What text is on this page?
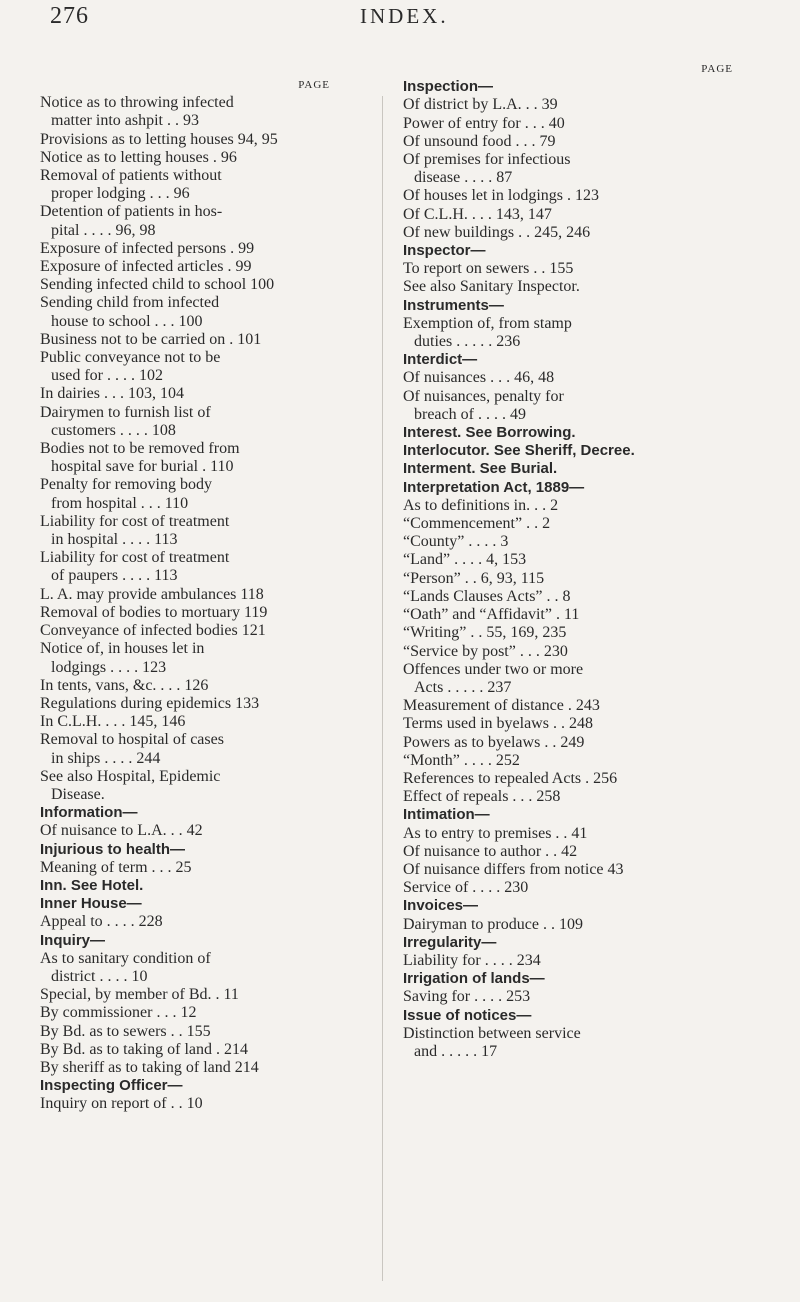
276	INDEX.
PAGE
Notice as to throwing infected
matter into ashpit . . 93
Provisions as to letting houses 94, 95
Notice as to letting houses . 96
Removal of patients without
proper lodging . . . 96
Detention of patients in hos-
pital . . . . 96, 98
Exposure of infected persons . 99
Exposure of infected articles . 99
Sending infected child to school 100
Sending child from infected
house to school . . . 100
Business not to be carried on . 101
Public conveyance not to be
used for . . . . 102
In dairies . . . 103, 104
Dairymen to furnish list of
customers . . . . 108
Bodies not to be removed from
hospital save for burial . 110
Penalty for removing body
from hospital . . . 110
Liability for cost of treatment
in hospital . . . . 113
Liability for cost of treatment
of paupers . . . . 113
L. A. may provide ambulances 118
Removal of bodies to mortuary 119
Conveyance of infected bodies 121
Notice of, in houses let in
lodgings . . . . 123
In tents, vans, &c. . . . 126
Regulations during epidemics 133
In C.L.H. . . . 145, 146
Removal to hospital of cases
in ships . . . . 244
See also Hospital, Epidemic
Disease.
Information—
Of nuisance to L.A. . . 42
Injurious to health—
Meaning of term . . . 25
Inn. See Hotel.
Inner House—
Appeal to . . . . 228
Inquiry—
As to sanitary condition of
district . . . . 10
Special, by member of Bd. . 11
By commissioner . . . 12
By Bd. as to sewers . . 155
By Bd. as to taking of land . 214
By sheriff as to taking of land 214
Inspecting Officer—
Inquiry on report of . . 10
PAGE
Inspection—
Of district by L.A. . . 39
Power of entry for . . . 40
Of unsound food . . . 79
Of premises for infectious
disease . . . . 87
Of houses let in lodgings . 123
Of C.L.H. . . . 143, 147
Of new buildings . . 245, 246
Inspector—
To report on sewers . . 155
See also Sanitary Inspector.
Instruments—
Exemption of, from stamp
duties . . . . . 236
Interdict—
Of nuisances . . . 46, 48
Of nuisances, penalty for
breach of . . . . 49
Interest. See Borrowing.
Interlocutor. See Sheriff, Decree.
Interment. See Burial.
Interpretation Act, 1889—
As to definitions in. . . 2
“Commencement” . . 2
“County” . . . . 3
“Land” . . . . 4, 153
“Person” . . 6, 93, 115
“Lands Clauses Acts” . . 8
“Oath” and “Affidavit” . 11
“Writing” . . 55, 169, 235
“Service by post” . . . 230
Offences under two or more
Acts . . . . . 237
Measurement of distance . 243
Terms used in byelaws . . 248
Powers as to byelaws . . 249
“Month” . . . . 252
References to repealed Acts . 256
Effect of repeals . . . 258
Intimation—
As to entry to premises . . 41
Of nuisance to author . . 42
Of nuisance differs from notice 43
Service of . . . . 230
Invoices—
Dairyman to produce . . 109
Irregularity—
Liability for . . . . 234
Irrigation of lands—
Saving for . . . . 253
Issue of notices—
Distinction between service
and . . . . . 17
